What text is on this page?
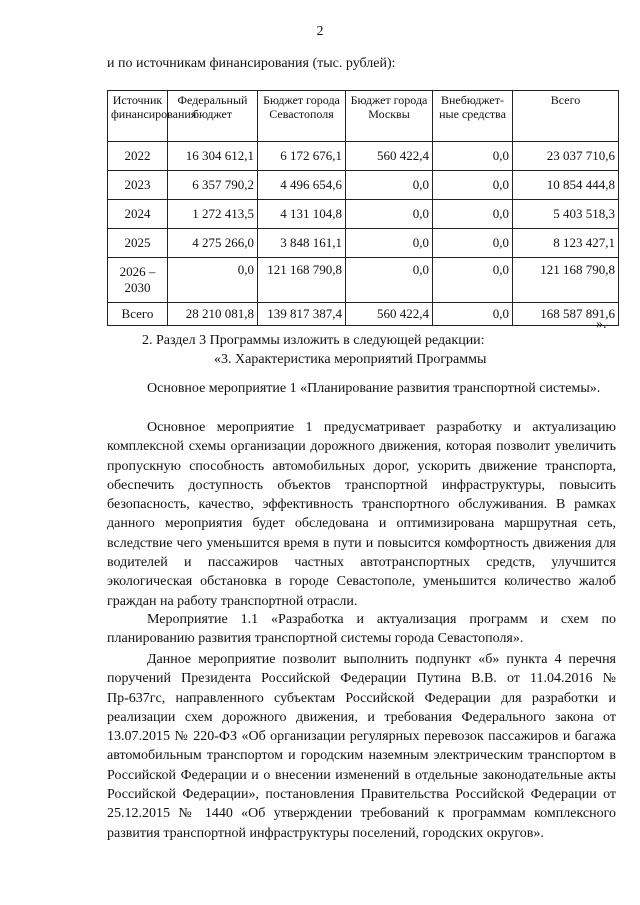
2
и по источникам финансирования (тыс. рублей):
Источник финансирования	Федеральный бюджет	Бюджет города Севастополя	Бюджет города Москвы	Внебюджет-ные средства	Всего
2022	16 304 612,1	6 172 676,1	560 422,4	0,0	23 037 710,6
2023	6 357 790,2	4 496 654,6	0,0	0,0	10 854 444,8
2024	1 272 413,5	4 131 104,8	0,0	0,0	5 403 518,3
2025	4 275 266,0	3 848 161,1	0,0	0,0	8 123 427,1
2026 – 2030	0,0	121 168 790,8	0,0	0,0	121 168 790,8
Всего	28 210 081,8	139 817 387,4	560 422,4	0,0	168 587 891,6
».
2. Раздел 3 Программы изложить в следующей редакции:
«3. Характеристика мероприятий Программы

Основное мероприятие 1 «Планирование развития транспортной системы».

Основное мероприятие 1 предусматривает разработку и актуализацию комплексной схемы организации дорожного движения, которая позволит увеличить пропускную способность автомобильных дорог, ускорить движение транспорта, обеспечить доступность объектов транспортной инфраструктуры, повысить безопасность, качество, эффективность транспортного обслуживания. В рамках данного мероприятия будет обследована и оптимизирована маршрутная сеть, вследствие чего уменьшится время в пути и повысится комфортность движения для водителей и пассажиров частных автотранспортных средств, улучшится экологическая обстановка в городе Севастополе, уменьшится количество жалоб граждан на работу транспортной отрасли.

Мероприятие 1.1 «Разработка и актуализация программ и схем по планированию развития транспортной системы города Севастополя».

Данное мероприятие позволит выполнить подпункт «б» пункта 4 перечня поручений Президента Российской Федерации Путина В.В. от 11.04.2016 № Пр-637гс, направленного субъектам Российской Федерации для разработки и реализации схем дорожного движения, и требования Федерального закона от 13.07.2015 № 220-ФЗ «Об организации регулярных перевозок пассажиров и багажа автомобильным транспортом и городским наземным электрическим транспортом в Российской Федерации и о внесении изменений в отдельные законодательные акты Российской Федерации», постановления Правительства Российской Федерации от 25.12.2015 № 1440 «Об утверждении требований к программам комплексного развития транспортной инфраструктуры поселений, городских округов».
